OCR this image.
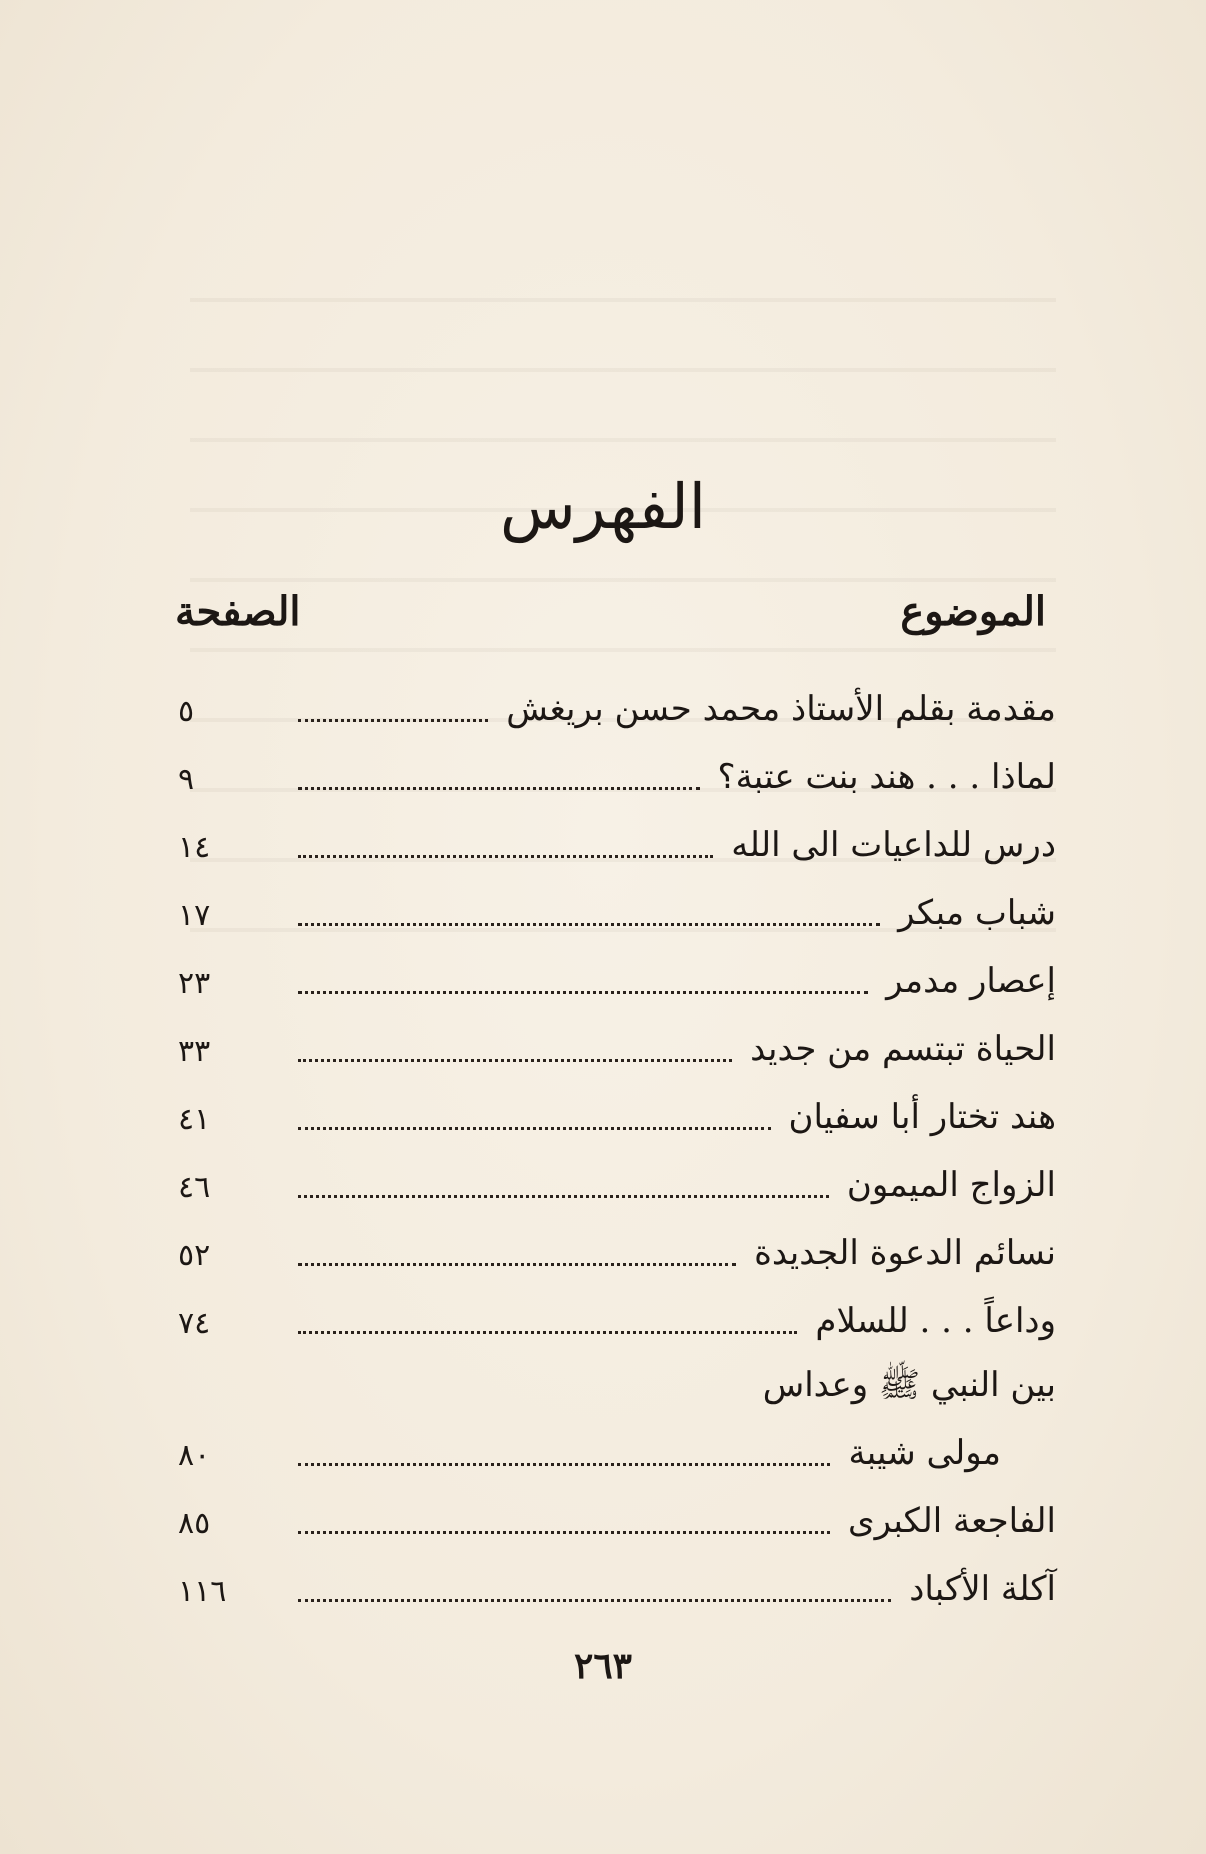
الفهرس
الموضوع
الصفحة
مقدمة بقلم الأستاذ محمد حسن بريغش
٥
لماذا . . . هند بنت عتبة؟
٩
درس للداعيات الى الله
١٤
شباب مبكر
١٧
إعصار مدمر
٢٣
الحياة تبتسم من جديد
٣٣
هند تختار أبا سفيان
٤١
الزواج الميمون
٤٦
نسائم الدعوة الجديدة
٥٢
وداعاً . . . للسلام
٧٤
بين النبي ﷺ وعداس
مولى شيبة
٨٠
الفاجعة الكبرى
٨٥
آكلة الأكباد
١١٦
٢٦٣
